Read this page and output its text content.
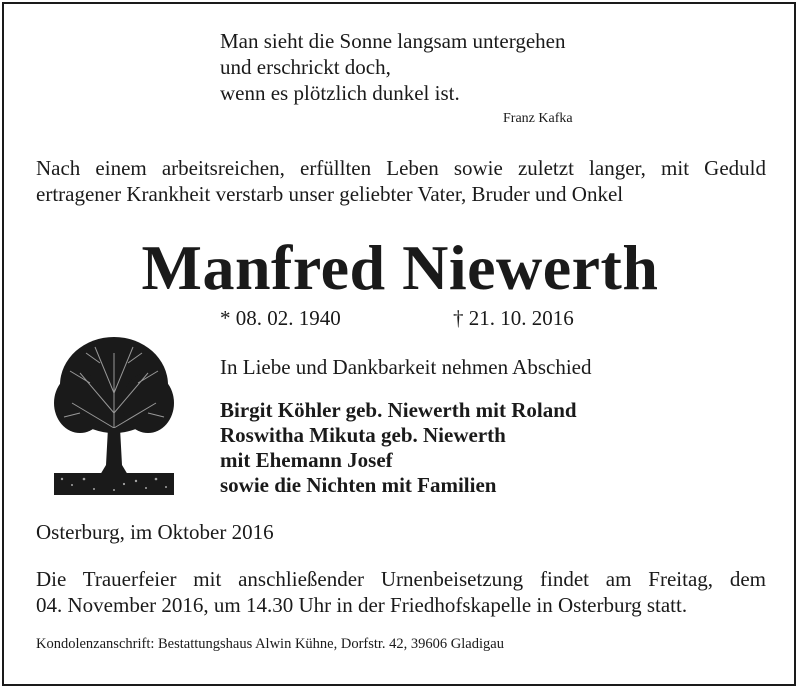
Man sieht die Sonne langsam untergehen
und erschrickt doch,
wenn es plötzlich dunkel ist.
Franz Kafka
Nach einem arbeitsreichen, erfüllten Leben sowie zuletzt langer, mit Geduld
ertragener Krankheit verstarb unser geliebter Vater, Bruder und Onkel
Manfred Niewerth
* 08. 02. 1940	† 21. 10. 2016
In Liebe und Dankbarkeit nehmen Abschied
Birgit Köhler geb. Niewerth mit Roland
Roswitha Mikuta geb. Niewerth
mit Ehemann Josef
sowie die Nichten mit Familien
Osterburg, im Oktober 2016
Die Trauerfeier mit anschließender Urnenbeisetzung findet am Freitag, dem
04. November 2016, um 14.30 Uhr in der Friedhofskapelle in Osterburg statt.
Kondolenzanschrift: Bestattungshaus Alwin Kühne, Dorfstr. 42, 39606 Gladigau
